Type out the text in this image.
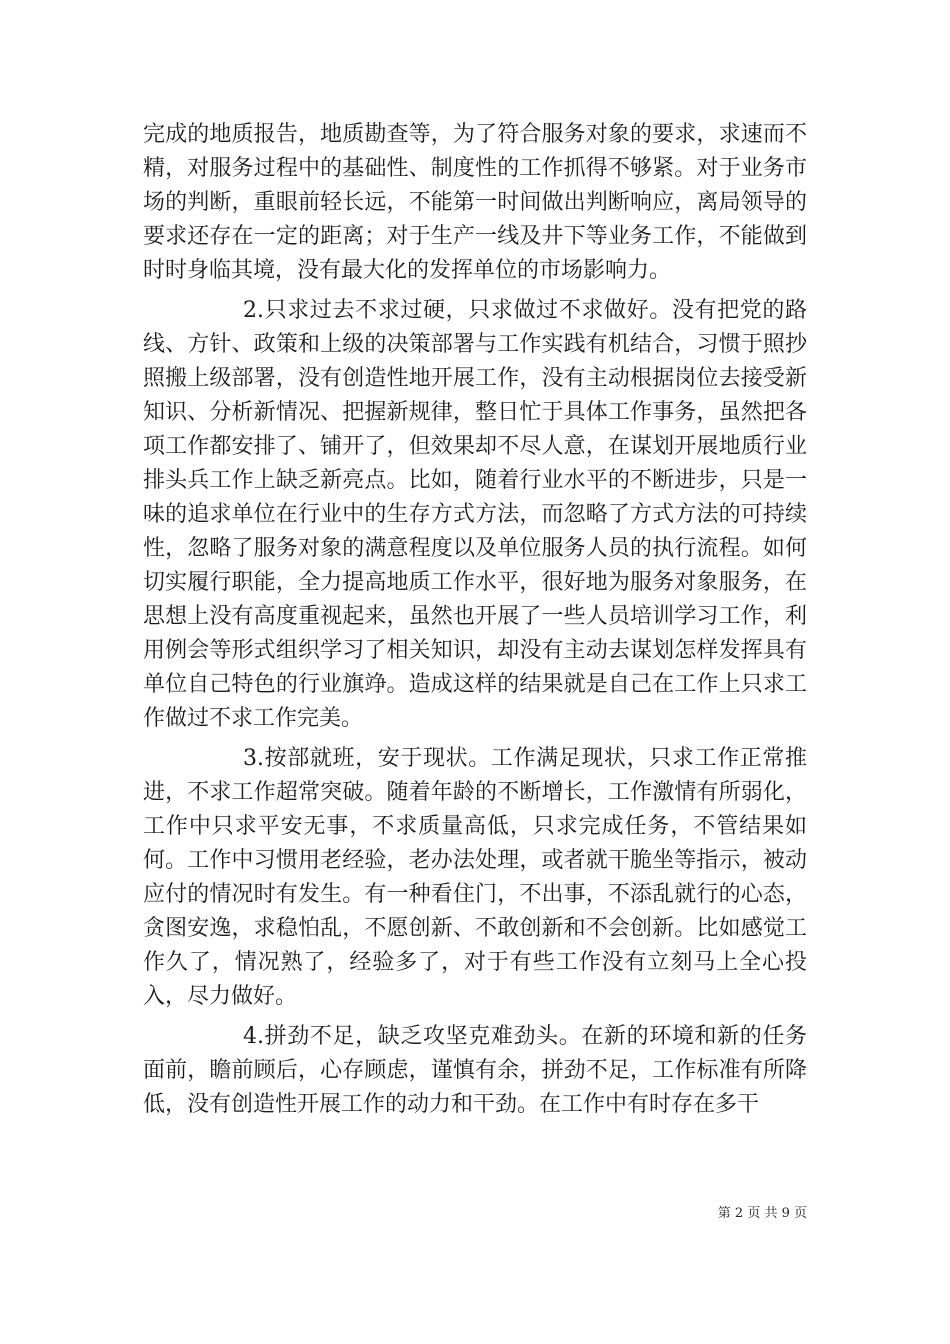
完成的地质报告，地质勘查等，为了符合服务对象的要求，求速而不精，对服务过程中的基础性、制度性的工作抓得不够紧。对于业务市场的判断，重眼前轻长远，不能第一时间做出判断响应，离局领导的要求还存在一定的距离；对于生产一线及井下等业务工作，不能做到时时身临其境，没有最大化的发挥单位的市场影响力。

2.只求过去不求过硬，只求做过不求做好。没有把党的路线、方针、政策和上级的决策部署与工作实践有机结合，习惯于照抄照搬上级部署，没有创造性地开展工作，没有主动根据岗位去接受新知识、分析新情况、把握新规律，整日忙于具体工作事务，虽然把各项工作都安排了、铺开了，但效果却不尽人意，在谋划开展地质行业排头兵工作上缺乏新亮点。比如，随着行业水平的不断进步，只是一味的追求单位在行业中的生存方式方法，而忽略了方式方法的可持续性，忽略了服务对象的满意程度以及单位服务人员的执行流程。如何切实履行职能，全力提高地质工作水平，很好地为服务对象服务，在思想上没有高度重视起来，虽然也开展了一些人员培训学习工作，利用例会等形式组织学习了相关知识，却没有主动去谋划怎样发挥具有单位自己特色的行业旗竫。造成这样的结果就是自己在工作上只求工作做过不求工作完美。

3.按部就班，安于现状。工作满足现状，只求工作正常推进，不求工作超常突破。随着年龄的不断增长，工作激情有所弱化，工作中只求平安无事，不求质量高低，只求完成任务，不管结果如何。工作中习惯用老经验，老办法处理，或者就干脆坐等指示，被动应付的情况时有发生。有一种看住门，不出事，不添乱就行的心态，贪图安逸，求稳怕乱，不愿创新、不敢创新和不会创新。比如感觉工作久了，情况熟了，经验多了，对于有些工作没有立刻马上全心投入，尽力做好。

4.拼劲不足，缺乏攻坚克难劲头。在新的环境和新的任务面前，瞻前顾后，心存顾虑，谨慎有余，拼劲不足，工作标准有所降低，没有创造性开展工作的动力和干劲。在工作中有时存在多干

第 2 页 共 9 页
